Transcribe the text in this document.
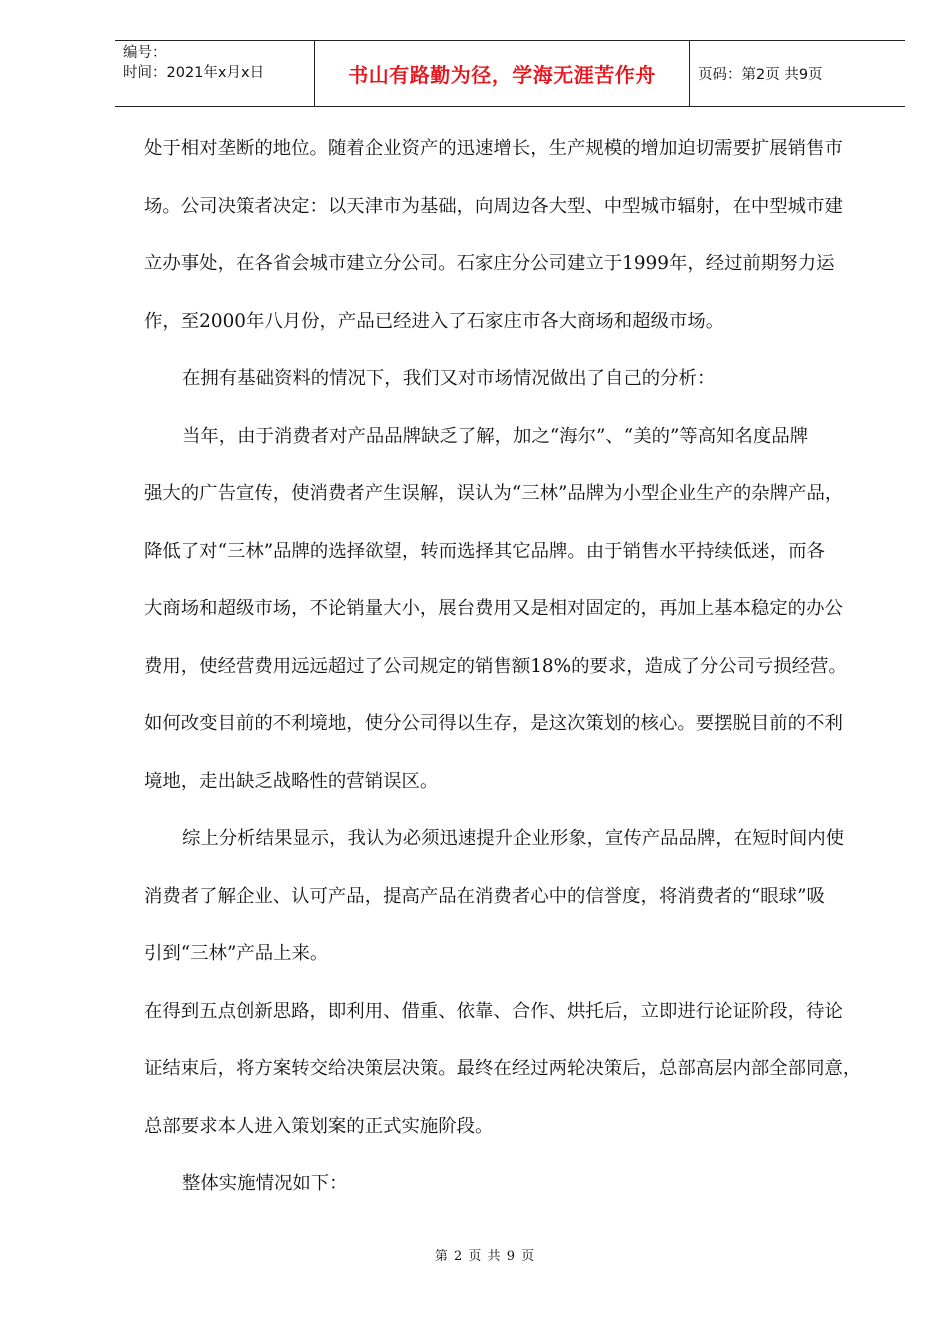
编号：
时间：2021年x月x日	书山有路勤为径，学海无涯苦作舟	页码：第2页 共9页
处于相对垄断的地位。随着企业资产的迅速增长，生产规模的增加迫切需要扩展销售市
场。公司决策者决定：以天津市为基础，向周边各大型、中型城市辐射，在中型城市建
立办事处，在各省会城市建立分公司。石家庄分公司建立于1999年，经过前期努力运
作，至2000年八月份，产品已经进入了石家庄市各大商场和超级市场。
在拥有基础资料的情况下，我们又对市场情况做出了自己的分析：
当年，由于消费者对产品品牌缺乏了解，加之“海尔”、“美的”等高知名度品牌
强大的广告宣传，使消费者产生误解，误认为“三林”品牌为小型企业生产的杂牌产品，
降低了对“三林”品牌的选择欲望，转而选择其它品牌。由于销售水平持续低迷，而各
大商场和超级市场，不论销量大小，展台费用又是相对固定的，再加上基本稳定的办公
费用，使经营费用远远超过了公司规定的销售额18%的要求，造成了分公司亏损经营。
如何改变目前的不利境地，使分公司得以生存，是这次策划的核心。要摆脱目前的不利
境地，走出缺乏战略性的营销误区。
综上分析结果显示，我认为必须迅速提升企业形象，宣传产品品牌，在短时间内使
消费者了解企业、认可产品，提高产品在消费者心中的信誉度，将消费者的“眼球”吸
引到“三林”产品上来。
在得到五点创新思路，即利用、借重、依靠、合作、烘托后，立即进行论证阶段，待论
证结束后，将方案转交给决策层决策。最终在经过两轮决策后，总部高层内部全部同意，
总部要求本人进入策划案的正式实施阶段。
整体实施情况如下：
第 2 页 共 9 页
